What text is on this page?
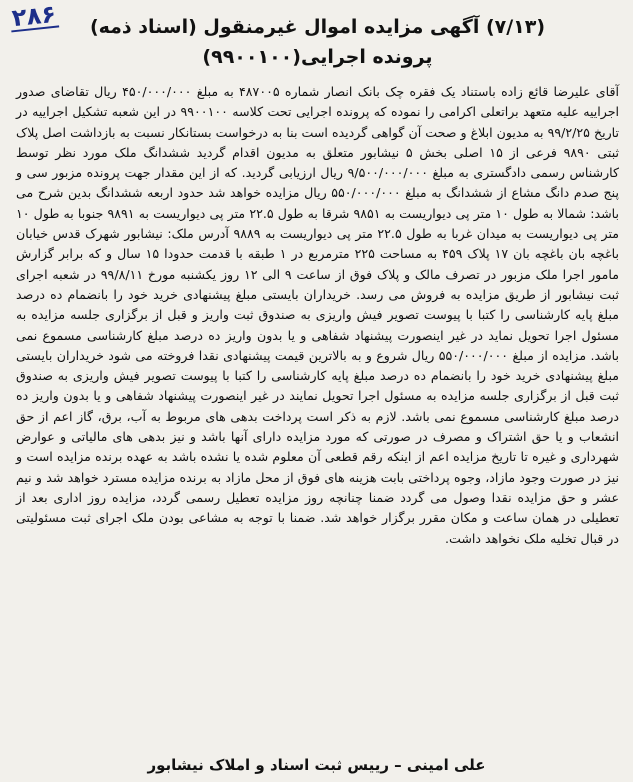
۲۸۶	(۷/۱۳) آگهی مزایده اموال غیرمنقول (اسناد ذمه) پرونده اجرایی(۹۹۰۰۱۰۰)
آقای علیرضا قائع زاده باستناد یک فقره چک بانک انصار شماره ۴۸۷۰۰۵ به مبلغ ۴۵۰/۰۰۰/۰۰۰ ریال تقاضای صدور اجراییه علیه متعهد براتعلی اکرامی را نموده که پرونده اجرایی تحت کلاسه ۹۹۰۰۱۰۰ در این شعبه تشکیل اجراییه در تاریخ ۹۹/۲/۲۵ به مدیون ابلاغ و صحت آن گواهی گردیده است بنا به درخواست بستانکار نسبت به بازداشت اصل پلاک ثبتی ۹۸۹۰ فرعی از ۱۵ اصلی بخش ۵ نیشابور متعلق به مدیون اقدام گردید ششدانگ ملک مورد نظر توسط کارشناس رسمی دادگستری به مبلغ ۹/۵۰۰/۰۰۰/۰۰۰ ریال ارزیابی گردید. که از این مقدار جهت پرونده مزبور سی و پنج صدم دانگ مشاع از ششدانگ به مبلغ ۵۵۰/۰۰۰/۰۰۰ ریال مزایده خواهد شد حدود اربعه ششدانگ بدین شرح می باشد: شمالا به طول ۱۰ متر پی دیواریست به ۹۸۵۱ شرقا به طول ۲۲.۵ متر پی دیواریست به ۹۸۹۱ جنوبا به طول ۱۰ متر پی دیواریست به میدان غربا به طول ۲۲.۵ متر پی دیواریست به ۹۸۸۹ آدرس ملک: نیشابور شهرک قدس خیابان باغچه بان باغچه بان ۱۷ پلاک ۴۵۹ به مساحت ۲۲۵ مترمربع در ۱ طبقه با قدمت حدودا ۱۵ سال و که برابر گزارش مامور اجرا ملک مزبور در تصرف مالک و پلاک فوق از ساعت ۹ الی ۱۲ روز یکشنبه مورخ ۹۹/۸/۱۱ در شعبه اجرای ثبت نیشابور از طریق مزایده به فروش می رسد. خریداران بایستی مبلغ پیشنهادی خرید خود را بانضمام ده درصد مبلغ پایه کارشناسی را کتبا با پیوست تصویر فیش واریزی به صندوق ثبت واریز و قبل از برگزاری جلسه مزایده به مسئول اجرا تحویل نماید در غیر اینصورت پیشنهاد شفاهی و یا بدون واریز ده درصد مبلغ کارشناسی مسموع نمی باشد. مزایده از مبلغ ۵۵۰/۰۰۰/۰۰۰ ریال شروع و به بالاترین قیمت پیشنهادی نقدا فروخته می شود خریداران بایستی مبلغ پیشنهادی خرید خود را بانضمام ده درصد مبلغ پایه کارشناسی را کتبا با پیوست تصویر فیش واریزی به صندوق ثبت قبل از برگزاری جلسه مزایده به مسئول اجرا تحویل نمایند در غیر اینصورت پیشنهاد شفاهی و یا بدون واریز ده درصد مبلغ کارشناسی مسموع نمی باشد. لازم به ذکر است پرداخت بدهی های مربوط به آب، برق، گاز اعم از حق انشعاب و یا حق اشتراک و مصرف در صورتی که مورد مزایده دارای آنها باشد و نیز بدهی های مالیاتی و عوارض شهرداری و غیره تا تاریخ مزایده اعم از اینکه رقم قطعی آن معلوم شده یا نشده باشد به عهده برنده مزایده است و نیز در صورت وجود مازاد، وجوه پرداختی بابت هزینه های فوق از محل مازاد به برنده مزایده مسترد خواهد شد و نیم عشر و حق مزایده نقدا وصول می گردد ضمنا چنانچه روز مزایده تعطیل رسمی گردد، مزایده روز اداری بعد از تعطیلی در همان ساعت و مکان مقرر برگزار خواهد شد. ضمنا با توجه به مشاعی بودن ملک اجرای ثبت مسئولیتی در قبال تخلیه ملک نخواهد داشت.
علی امینی – رییس ثبت اسناد و املاک نیشابور
